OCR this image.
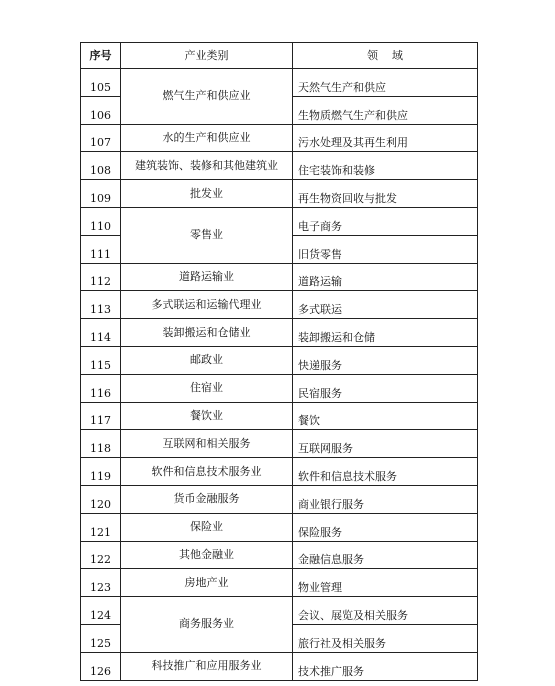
序号	产业类别	领域
105	燃气生产和供应业	天然气生产和供应
106		生物质燃气生产和供应
107	水的生产和供应业	污水处理及其再生利用
108	建筑装饰、装修和其他建筑业	住宅装饰和装修
109	批发业	再生物资回收与批发
110	零售业	电子商务
111		旧货零售
112	道路运输业	道路运输
113	多式联运和运输代理业	多式联运
114	装卸搬运和仓储业	装卸搬运和仓储
115	邮政业	快递服务
116	住宿业	民宿服务
117	餐饮业	餐饮
118	互联网和相关服务	互联网服务
119	软件和信息技术服务业	软件和信息技术服务
120	货币金融服务	商业银行服务
121	保险业	保险服务
122	其他金融业	金融信息服务
123	房地产业	物业管理
124	商务服务业	会议、展览及相关服务
125		旅行社及相关服务
126	科技推广和应用服务业	技术推广服务
